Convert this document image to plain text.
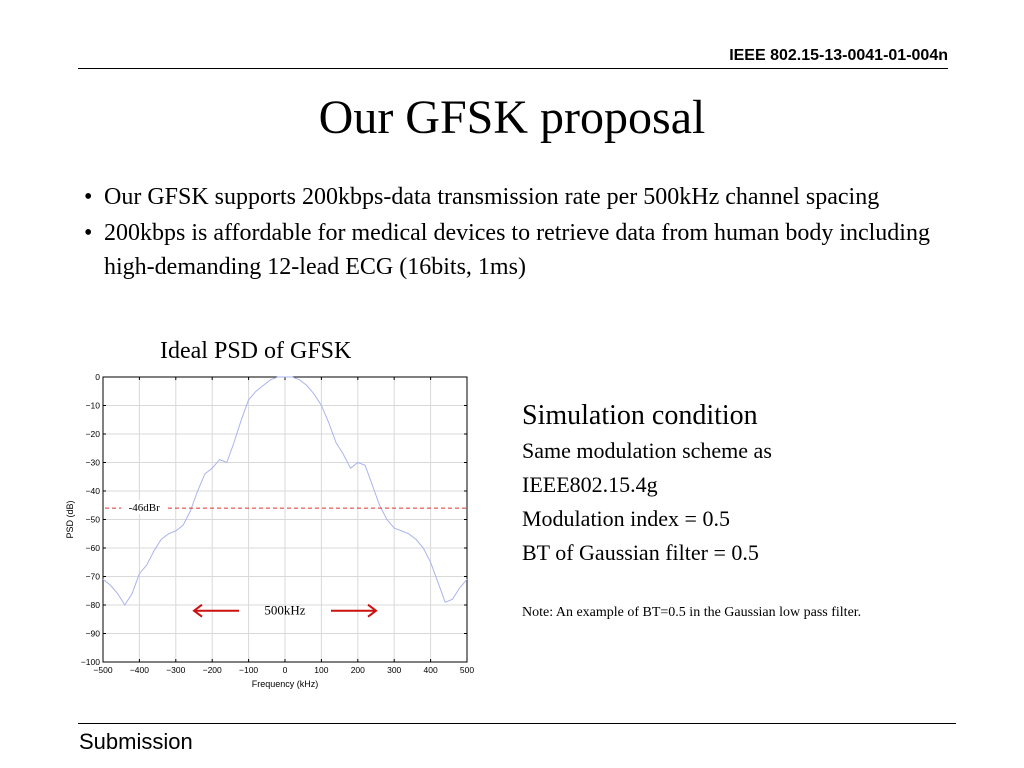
IEEE 802.15-13-0041-01-004n
Our GFSK proposal
• Our GFSK supports 200kbps-data transmission rate per 500kHz channel spacing
• 200kbps is affordable for medical devices to retrieve data from human body including high-demanding 12-lead ECG (16bits, 1ms)
Ideal PSD of GFSK
−500 −400 −300 −200 −100	0	100	200	300	400	500
0
−10
−20
−30
−40
−50
−60
−70
−80
−90
−100
-46dBr
500kHz
PSD (dB)
Frequency (kHz)
Simulation condition
Same modulation scheme as
IEEE802.15.4g
Modulation index = 0.5
BT of Gaussian filter = 0.5
Note: An example of BT=0.5 in the Gaussian low pass filter.
Submission
